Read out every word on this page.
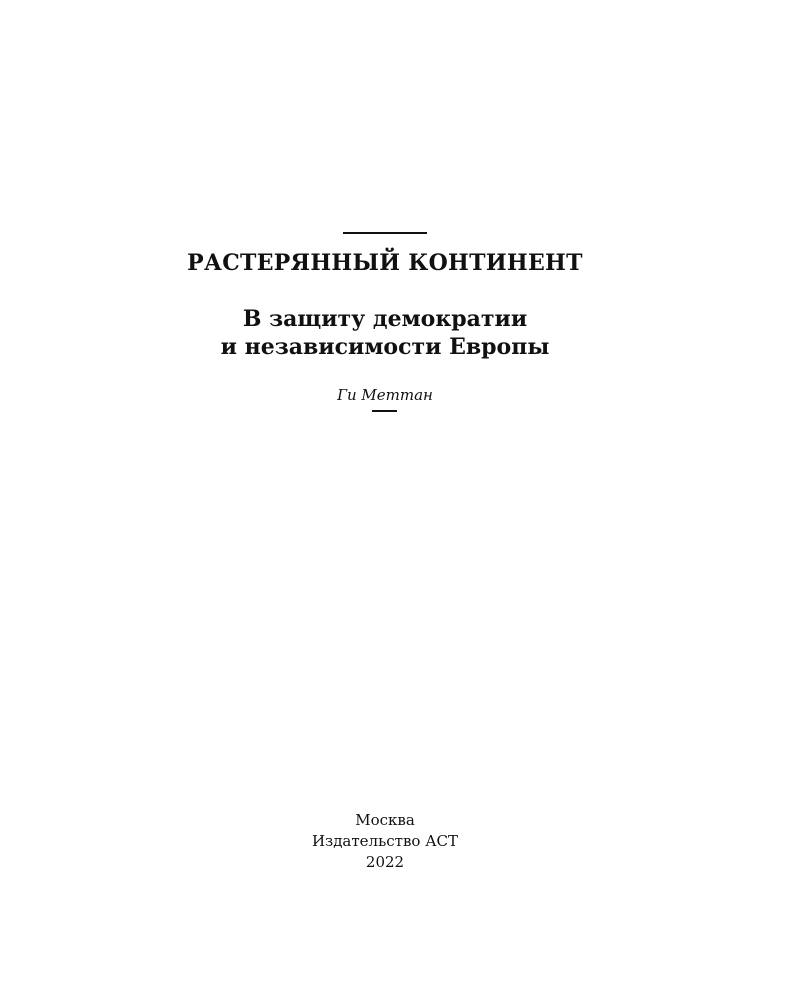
РАСТЕРЯННЫЙ КОНТИНЕНТ
В защиту демократии
и независимости Европы
Ги Меттан
Москва
Издательство АСТ
2022
